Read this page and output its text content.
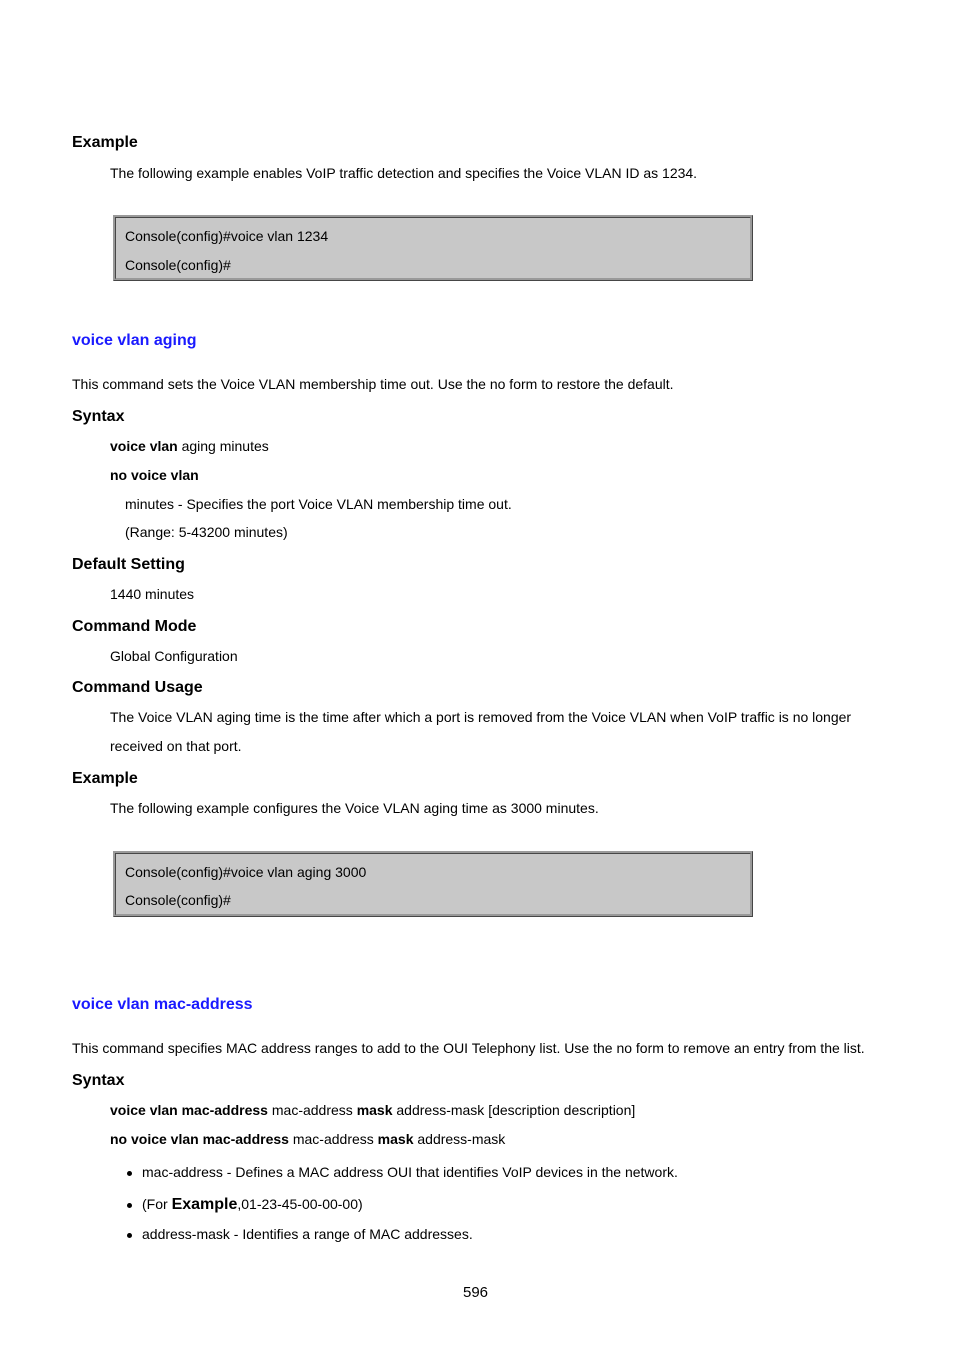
Example
The following example enables VoIP traffic detection and specifies the Voice VLAN ID as 1234.
Console(config)#voice vlan 1234
Console(config)#
voice vlan aging
This command sets the Voice VLAN membership time out. Use the no form to restore the default.
Syntax
voice vlan aging minutes
no voice vlan
minutes - Specifies the port Voice VLAN membership time out.
(Range: 5-43200 minutes)
Default Setting
1440 minutes
Command Mode
Global Configuration
Command Usage
The Voice VLAN aging time is the time after which a port is removed from the Voice VLAN when VoIP traffic is no longer
received on that port.
Example
The following example configures the Voice VLAN aging time as 3000 minutes.
Console(config)#voice vlan aging 3000
Console(config)#
voice vlan mac-address
This command specifies MAC address ranges to add to the OUI Telephony list. Use the no form to remove an entry from the list.
Syntax
voice vlan mac-address mac-address mask address-mask [description description]
no voice vlan mac-address mac-address mask address-mask
mac-address - Defines a MAC address OUI that identifies VoIP devices in the network.
(For Example,01-23-45-00-00-00)
address-mask - Identifies a range of MAC addresses.
596
